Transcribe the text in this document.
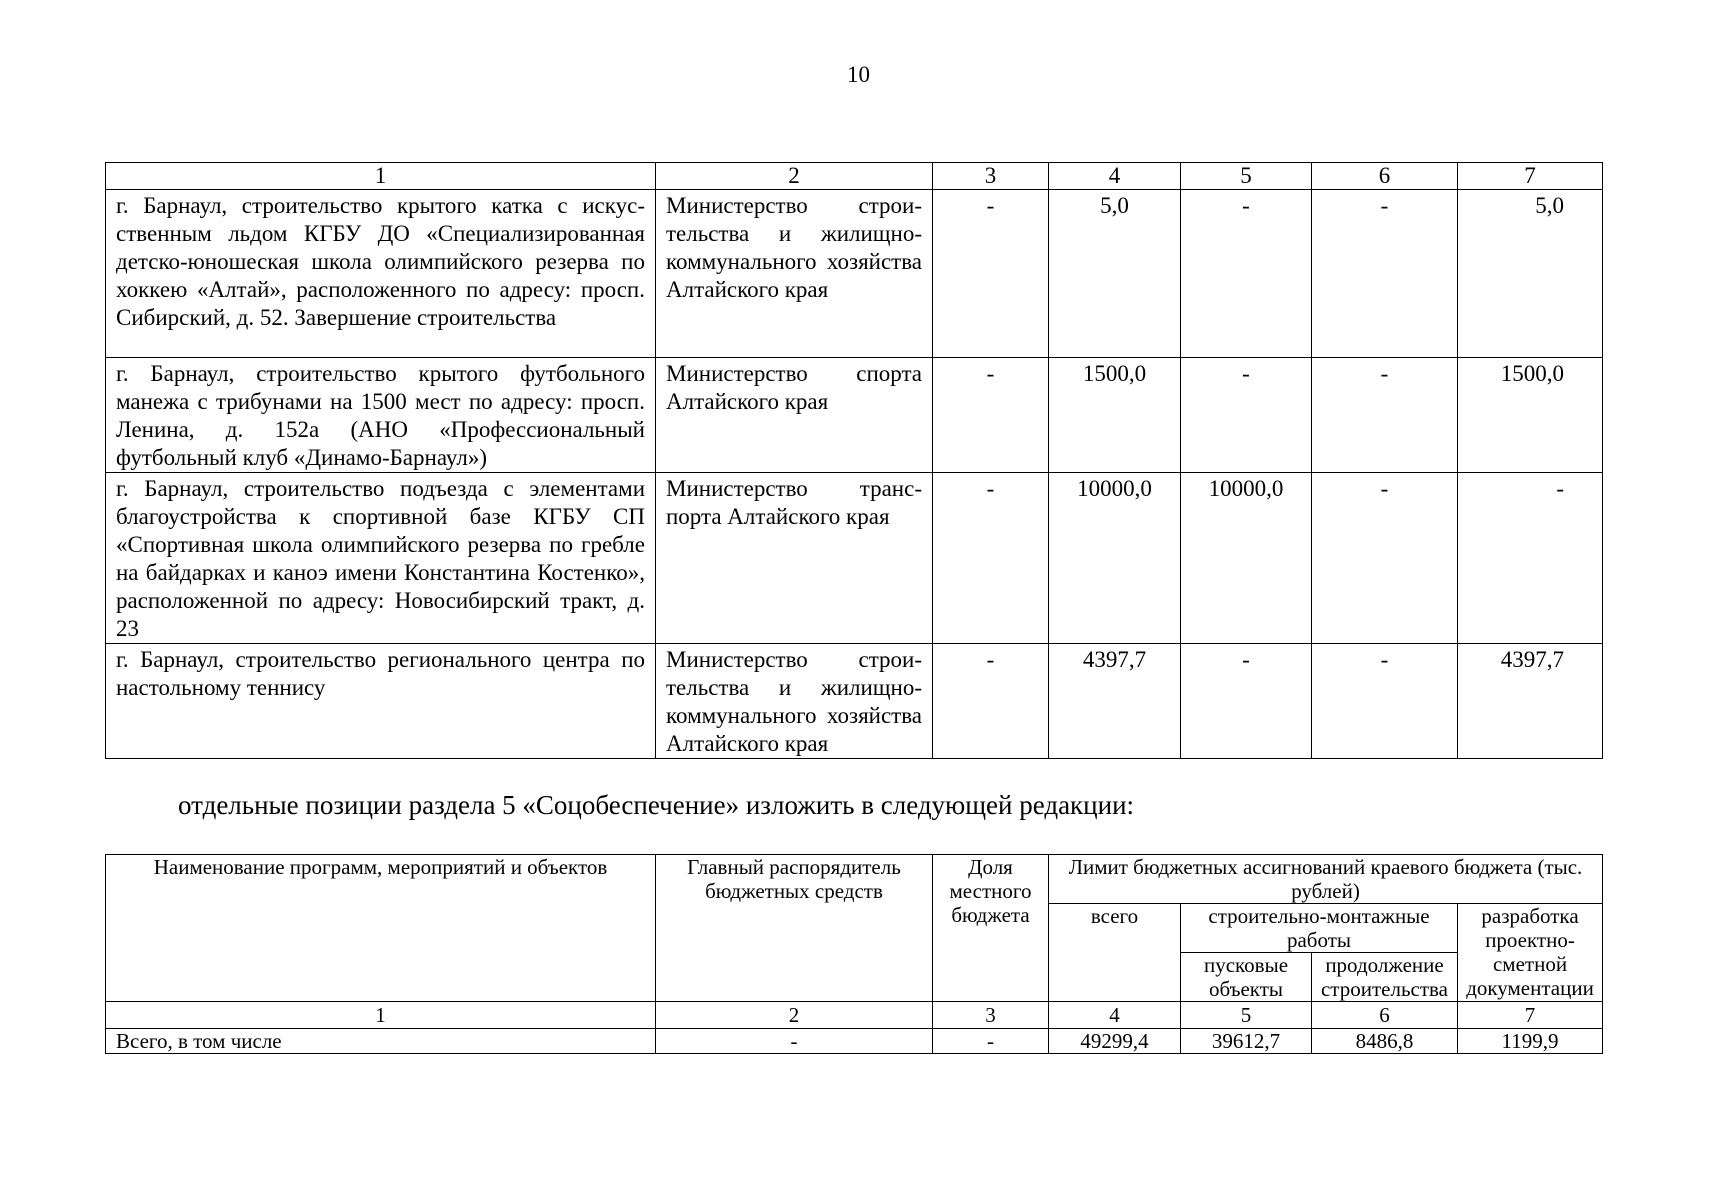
10
1	2	3	4	5	6	7
г. Барнаул, строительство крытого катка с искусственным льдом КГБУ ДО «Специализированная детско-юношеская школа олимпийского резерва по хоккею «Алтай», расположенного по адресу: просп. Сибирский, д. 52. Завершение строительства	Министерство строительства и жилищно-коммунального хозяйства Алтайского края	-	5,0	-	-	5,0
г. Барнаул, строительство крытого футбольного манежа с трибунами на 1500 мест по адресу: просп. Ленина, д. 152а (АНО «Профессиональный футбольный клуб «Динамо-Барнаул»)	Министерство спорта Алтайского края	-	1500,0	-	-	1500,0
г. Барнаул, строительство подъезда с элементами благоустройства к спортивной базе КГБУ СП «Спортивная школа олимпийского резерва по гребле на байдарках и каноэ имени Константина Костенко», расположенной по адресу: Новосибирский тракт, д. 23	Министерство транспорта Алтайского края	-	10000,0	10000,0	-	-
г. Барнаул, строительство регионального центра по настольному теннису	Министерство строительства и жилищно-коммунального хозяйства Алтайского края	-	4397,7	-	-	4397,7
отдельные позиции раздела 5 «Соцобеспечение» изложить в следующей редакции:
Наименование программ, мероприятий и объектов	Главный распорядитель бюджетных средств	Доля местного бюджета	Лимит бюджетных ассигнований краевого бюджета (тыс. рублей)			
			всего	строительно-монтажные работы		разработка проектно-сметной документации
				пусковые объекты	продолжение строительства	
1	2	3	4	5	6	7
Всего, в том числе	-	-	49299,4	39612,7	8486,8	1199,9
